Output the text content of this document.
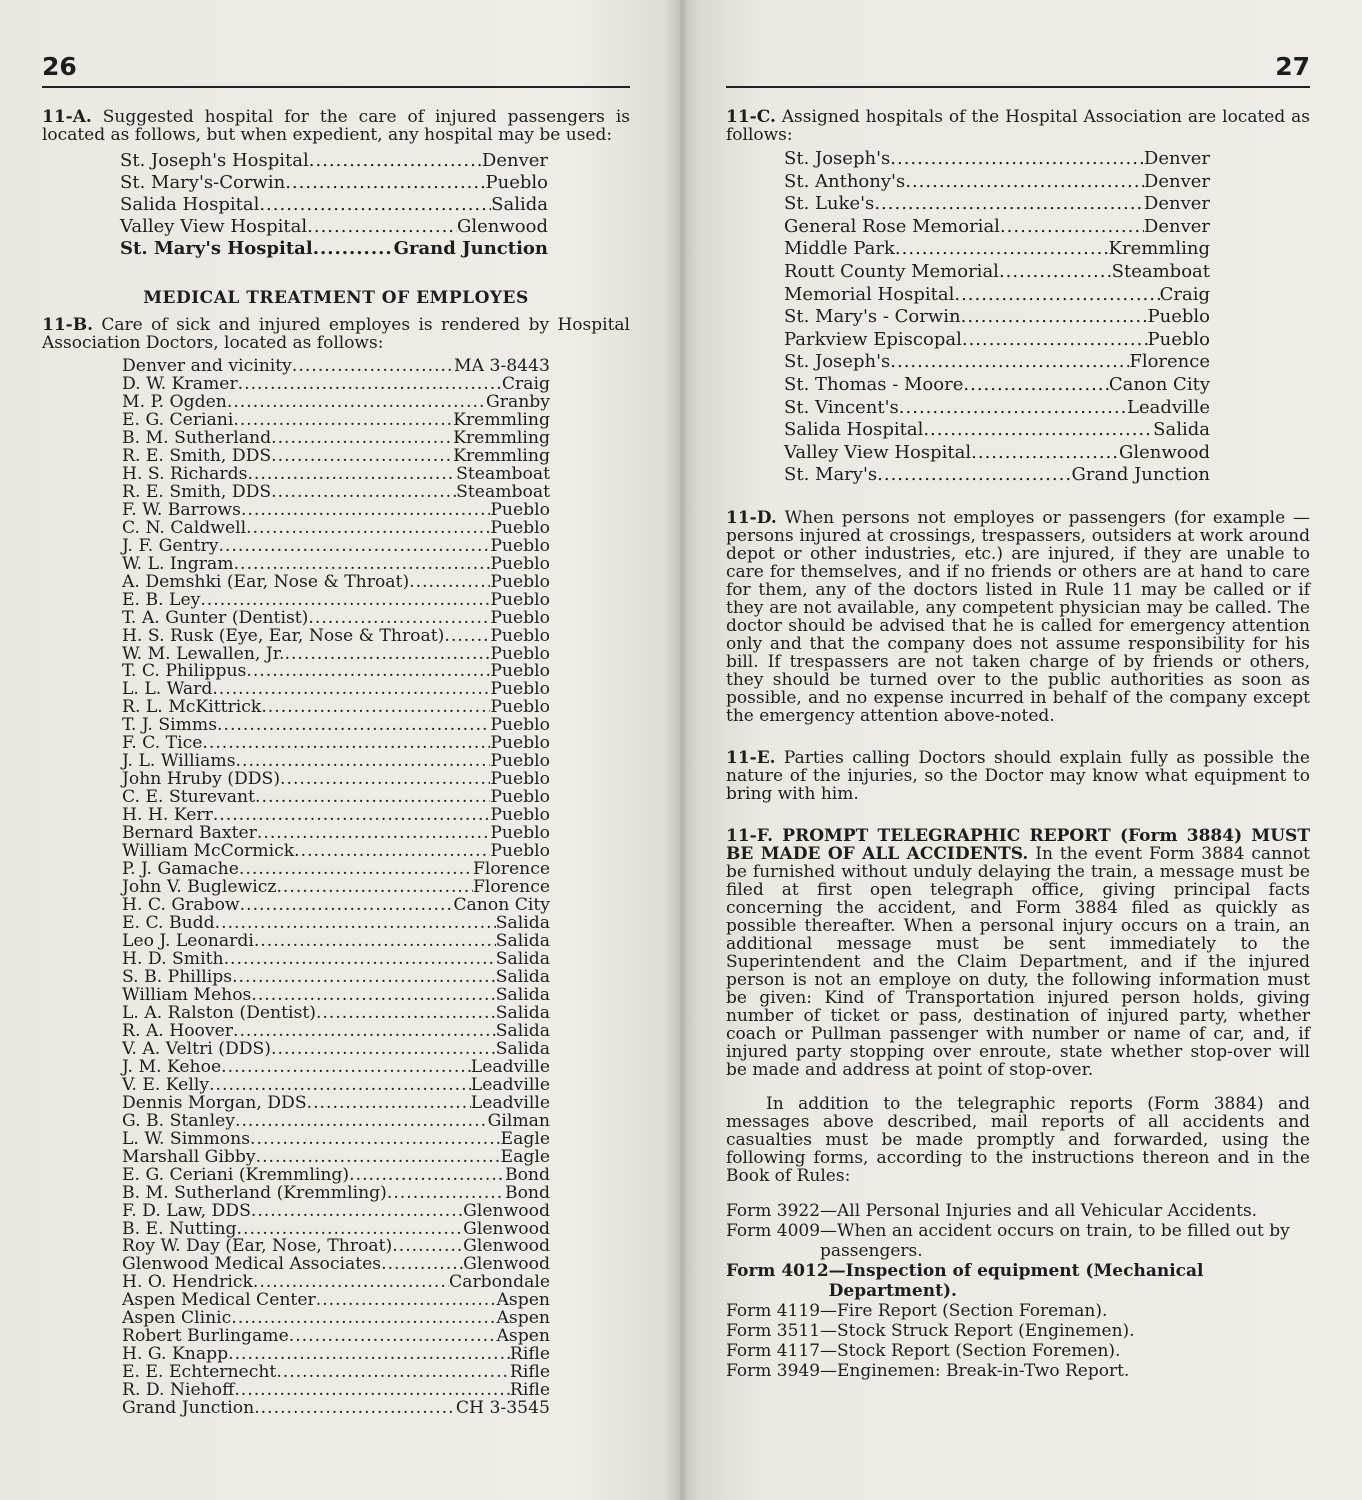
26

11-A. Suggested hospital for the care of injured passengers is located as follows, but when expedient, any hospital may be used:

St. Joseph's Hospital .....	Denver
St. Mary's-Corwin .....	Pueblo
Salida Hospital .....	Salida
Valley View Hospital .....	Glenwood
St. Mary's Hospital .....	Grand Junction
MEDICAL TREATMENT OF EMPLOYES

11-B. Care of sick and injured employes is rendered by Hospital Association Doctors, located as follows:

Denver and vicinity .....	MA 3-8443
D. W. Kramer .....	Craig
M. P. Ogden .....	Granby
E. G. Ceriani .....	Kremmling
B. M. Sutherland .....	Kremmling
R. E. Smith, DDS .....	Kremmling
H. S. Richards .....	Steamboat
R. E. Smith, DDS .....	Steamboat
F. W. Barrows .....	Pueblo
C. N. Caldwell .....	Pueblo
J. F. Gentry .....	Pueblo
W. L. Ingram .....	Pueblo
A. Demshki (Ear, Nose & Throat) .....	Pueblo
E. B. Ley .....	Pueblo
T. A. Gunter (Dentist) .....	Pueblo
H. S. Rusk (Eye, Ear, Nose & Throat) .....	Pueblo
W. M. Lewallen, Jr. .....	Pueblo
T. C. Philippus .....	Pueblo
L. L. Ward .....	Pueblo
R. L. McKittrick .....	Pueblo
T. J. Simms .....	Pueblo
F. C. Tice .....	Pueblo
J. L. Williams .....	Pueblo
John Hruby (DDS) .....	Pueblo
C. E. Sturevant .....	Pueblo
H. H. Kerr .....	Pueblo
Bernard Baxter .....	Pueblo
William McCormick .....	Pueblo
P. J. Gamache .....	Florence
John V. Buglewicz .....	Florence
H. C. Grabow .....	Canon City
E. C. Budd .....	Salida
Leo J. Leonardi .....	Salida
H. D. Smith .....	Salida
S. B. Phillips .....	Salida
William Mehos .....	Salida
L. A. Ralston (Dentist) .....	Salida
R. A. Hoover .....	Salida
V. A. Veltri (DDS) .....	Salida
J. M. Kehoe .....	Leadville
V. E. Kelly .....	Leadville
Dennis Morgan, DDS .....	Leadville
G. B. Stanley .....	Gilman
L. W. Simmons .....	Eagle
Marshall Gibby .....	Eagle
E. G. Ceriani (Kremmling) .....	Bond
B. M. Sutherland (Kremmling) .....	Bond
F. D. Law, DDS .....	Glenwood
B. E. Nutting .....	Glenwood
Roy W. Day (Ear, Nose, Throat) .....	Glenwood
Glenwood Medical Associates .....	Glenwood
H. O. Hendrick .....	Carbondale
Aspen Medical Center .....	Aspen
Aspen Clinic .....	Aspen
Robert Burlingame .....	Aspen
H. G. Knapp .....	Rifle
E. E. Echternecht .....	Rifle
R. D. Niehoff .....	Rifle
Grand Junction .....	CH 3-3545
27

11-C. Assigned hospitals of the Hospital Association are located as follows:

St. Joseph's .....	Denver
St. Anthony's .....	Denver
St. Luke's .....	Denver
General Rose Memorial .....	Denver
Middle Park .....	Kremmling
Routt County Memorial .....	Steamboat
Memorial Hospital .....	Craig
St. Mary's - Corwin .....	Pueblo
Parkview Episcopal .....	Pueblo
St. Joseph's .....	Florence
St. Thomas - Moore .....	Canon City
St. Vincent's .....	Leadville
Salida Hospital .....	Salida
Valley View Hospital .....	Glenwood
St. Mary's .....	Grand Junction

11-D. When persons not employes or passengers (for example —persons injured at crossings, trespassers, outsiders at work around depot or other industries, etc.) are injured, if they are unable to care for themselves, and if no friends or others are at hand to care for them, any of the doctors listed in Rule 11 may be called or if they are not available, any competent physician may be called. The doctor should be advised that he is called for emergency attention only and that the company does not assume responsibility for his bill. If trespassers are not taken charge of by friends or others, they should be turned over to the public authorities as soon as possible, and no expense incurred in behalf of the company except the emergency attention above-noted.

11-E. Parties calling Doctors should explain fully as possible the nature of the injuries, so the Doctor may know what equipment to bring with him.

11-F. PROMPT TELEGRAPHIC REPORT (Form 3884) MUST BE MADE OF ALL ACCIDENTS. In the event Form 3884 cannot be furnished without unduly delaying the train, a message must be filed at first open telegraph office, giving principal facts concerning the accident, and Form 3884 filed as quickly as possible thereafter. When a personal injury occurs on a train, an additional message must be sent immediately to the Superintendent and the Claim Department, and if the injured person is not an employe on duty, the following information must be given: Kind of Transportation injured person holds, giving number of ticket or pass, destination of injured party, whether coach or Pullman passenger with number or name of car, and, if injured party stopping over enroute, state whether stop-over will be made and address at point of stop-over.

In addition to the telegraphic reports (Form 3884) and messages above described, mail reports of all accidents and casualties must be made promptly and forwarded, using the following forms, according to the instructions thereon and in the Book of Rules:

Form 3922 —All Personal Injuries and all Vehicular Accidents.
Form 4009 —When an accident occurs on train, to be filled out by passengers.
Form 4012 —Inspection of equipment (Mechanical Department).
Form 4119 —Fire Report (Section Foreman).
Form 3511 —Stock Struck Report (Enginemen).
Form 4117 —Stock Report (Section Foremen).
Form 3949 —Enginemen: Break-in-Two Report.
